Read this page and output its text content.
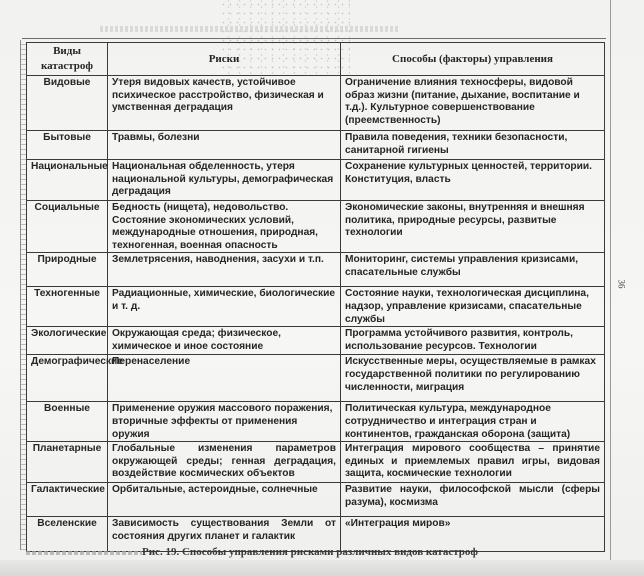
Виды катастроф	Риски	Способы (факторы) управления
Видовые	Утеря видовых качеств, устойчивое психическое расстройство, физическая и умственная деградация	Ограничение влияния техносферы, видовой образ жизни (питание, дыхание, воспитание и т.д.). Культурное совершенствование (преемственность)
Бытовые	Травмы, болезни	Правила поведения, техники безопасности, санитарной гигиены
Национальные	Национальная обделенность, утеря национальной культуры, демографическая деградация	Сохранение культурных ценностей, территории. Конституция, власть
Социальные	Бедность (нищета), недовольство. Состояние экономических условий, международные отношения, природная, техногенная, военная опасность	Экономические законы, внутренняя и внешняя политика, природные ресурсы, развитые технологии
Природные	Землетрясения, наводнения, засухи и т.п.	Мониторинг, системы управления кризисами, спасательные службы
Техногенные	Радиационные, химические, биологические и т. д.	Состояние науки, технологическая дисциплина, надзор, управление кризисами, спасательные службы
Экологические	Окружающая среда; физическое, химическое и иное состояние	Программа устойчивого развития, контроль, использование ресурсов. Технологии
Демографические	Перенаселение	Искусственные меры, осуществляемые в рамках государственной политики по регулированию численности, миграция
Военные	Применение оружия массового поражения, вторичные эффекты от применения оружия	Политическая культура, международное сотрудничество и интеграция стран и континентов, гражданская оборона (защита)
Планетарные	Глобальные изменения параметров окружающей среды; генная деградация, воздействие космических объектов	Интеграция мирового сообщества – принятие единых и приемлемых правил игры, видовая защита, космические технологии
Галактические	Орбитальные, астероидные, солнечные	Развитие науки, философской мысли (сферы разума), космизма
Вселенские	Зависимость существования Земли от состояния других планет и галактик	«Интеграция миров»
Рис. 19. Способы управления рисками различных видов катастроф
36
